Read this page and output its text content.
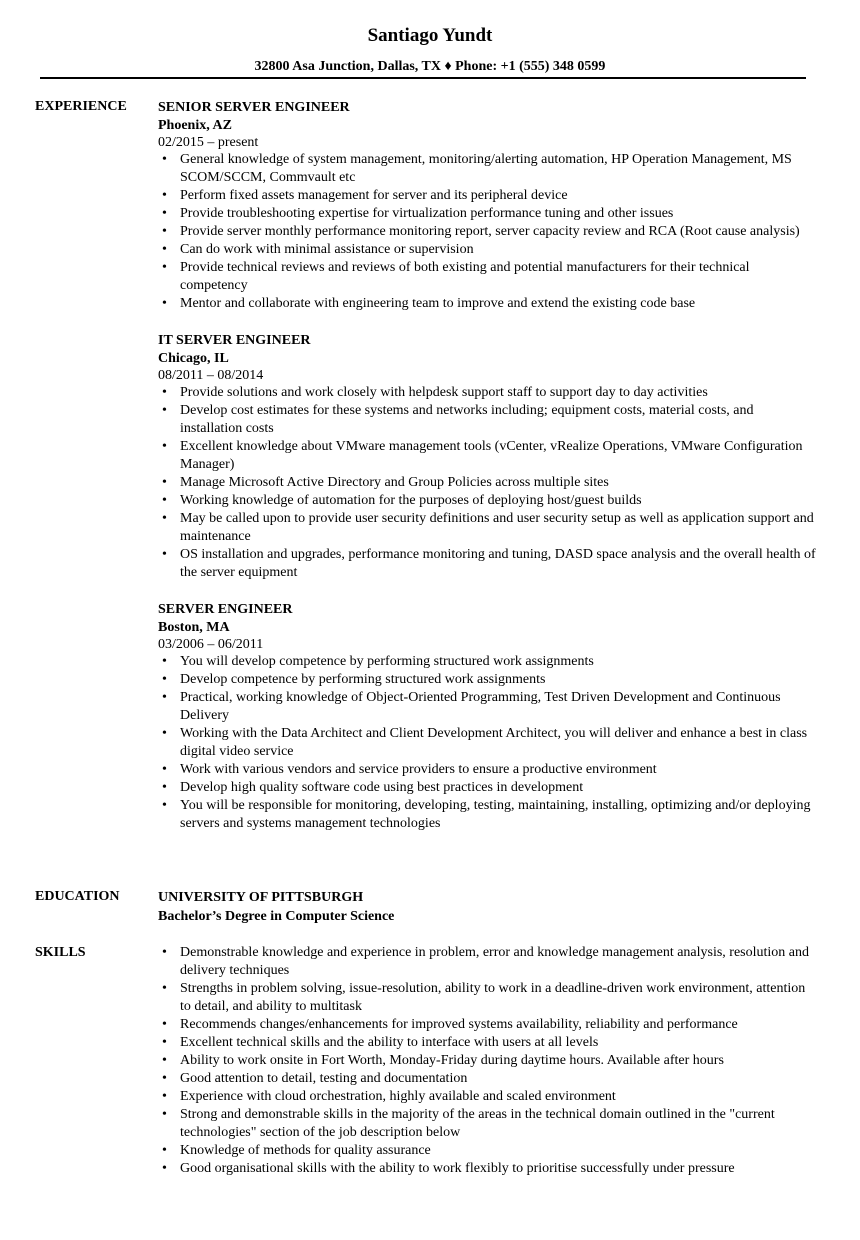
Santiago Yundt
32800 Asa Junction, Dallas, TX ♦ Phone: +1 (555) 348 0599
EXPERIENCE SENIOR SERVER ENGINEER
Phoenix, AZ
02/2015 – present
• General knowledge of system management, monitoring/alerting automation, HP Operation Management, MS SCOM/SCCM, Commvault etc
• Perform fixed assets management for server and its peripheral device
• Provide troubleshooting expertise for virtualization performance tuning and other issues
• Provide server monthly performance monitoring report, server capacity review and RCA (Root cause analysis)
• Can do work with minimal assistance or supervision
• Provide technical reviews and reviews of both existing and potential manufacturers for their technical competency
• Mentor and collaborate with engineering team to improve and extend the existing code base
IT SERVER ENGINEER
Chicago, IL
08/2011 – 08/2014
• Provide solutions and work closely with helpdesk support staff to support day to day activities
• Develop cost estimates for these systems and networks including; equipment costs, material costs, and installation costs
• Excellent knowledge about VMware management tools (vCenter, vRealize Operations, VMware Configuration Manager)
• Manage Microsoft Active Directory and Group Policies across multiple sites
• Working knowledge of automation for the purposes of deploying host/guest builds
• May be called upon to provide user security definitions and user security setup as well as application support and maintenance
• OS installation and upgrades, performance monitoring and tuning, DASD space analysis and the overall health of the server equipment
SERVER ENGINEER
Boston, MA
03/2006 – 06/2011
• You will develop competence by performing structured work assignments
• Develop competence by performing structured work assignments
• Practical, working knowledge of Object-Oriented Programming, Test Driven Development and Continuous Delivery
• Working with the Data Architect and Client Development Architect, you will deliver and enhance a best in class digital video service
• Work with various vendors and service providers to ensure a productive environment
• Develop high quality software code using best practices in development
• You will be responsible for monitoring, developing, testing, maintaining, installing, optimizing and/or deploying servers and systems management technologies
EDUCATION	UNIVERSITY OF PITTSBURGH
Bachelor’s Degree in Computer Science
SKILLS
•	Demonstrable knowledge and experience in problem, error and knowledge management analysis, resolution and delivery techniques
• Strengths in problem solving, issue-resolution, ability to work in a deadline-driven work environment, attention to detail, and ability to multitask
• Recommends changes/enhancements for improved systems availability, reliability and performance
• Excellent technical skills and the ability to interface with users at all levels
• Ability to work onsite in Fort Worth, Monday-Friday during daytime hours. Available after hours
• Good attention to detail, testing and documentation
• Experience with cloud orchestration, highly available and scaled environment
• Strong and demonstrable skills in the majority of the areas in the technical domain outlined in the "current technologies" section of the job description below
• Knowledge of methods for quality assurance
• Good organisational skills with the ability to work flexibly to prioritise successfully under pressure
